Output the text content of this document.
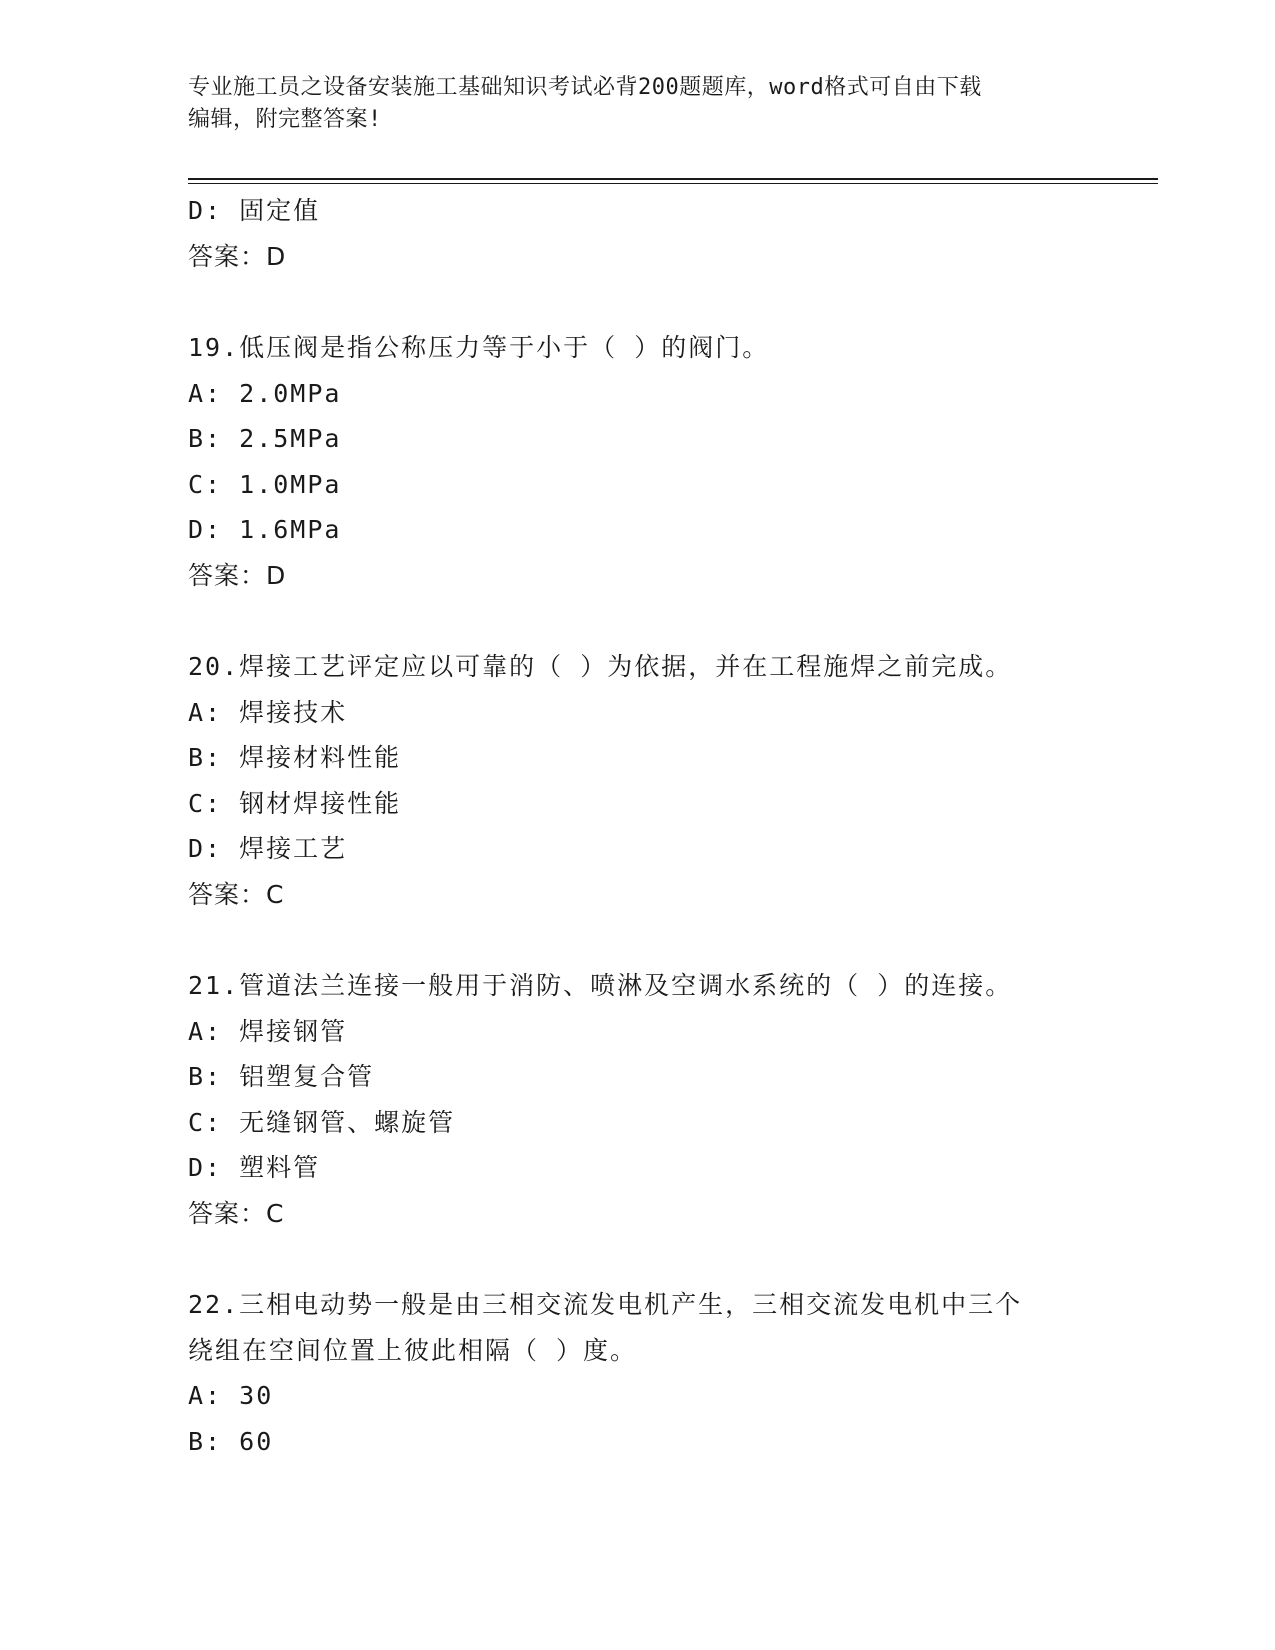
专业施工员之设备安装施工基础知识考试必背200题题库，word格式可自由下载
编辑，附完整答案!
D: 固定值
答案：D
19.低压阀是指公称压力等于小于（ ）的阀门。
A: 2.0MPa
B: 2.5MPa
C: 1.0MPa
D: 1.6MPa
答案：D
20.焊接工艺评定应以可靠的（ ）为依据，并在工程施焊之前完成。
A: 焊接技术
B: 焊接材料性能
C: 钢材焊接性能
D: 焊接工艺
答案：C
21.管道法兰连接一般用于消防、喷淋及空调水系统的（ ）的连接。
A: 焊接钢管
B: 铝塑复合管
C: 无缝钢管、螺旋管
D: 塑料管
答案：C
22.三相电动势一般是由三相交流发电机产生，三相交流发电机中三个
绕组在空间位置上彼此相隔（ ）度。
A: 30
B: 60
